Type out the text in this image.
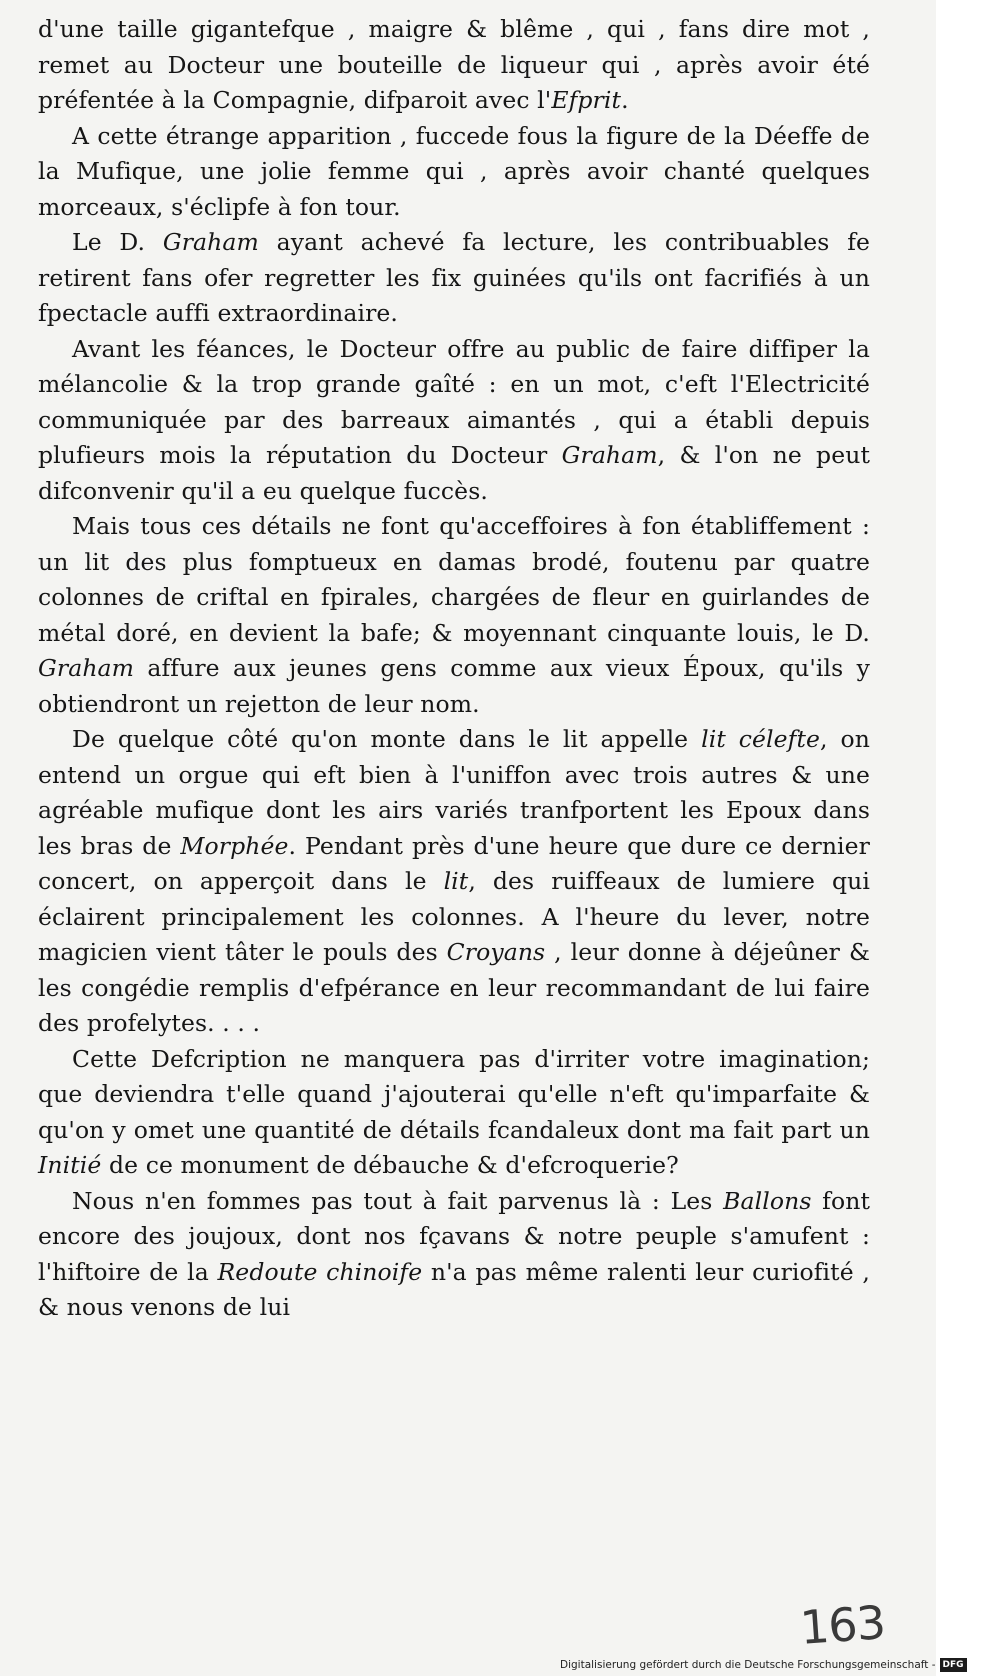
d'une taille gigantefque , maigre & blême , qui , fans dire mot , remet au Docteur une bouteille de liqueur qui , après avoir été préfentée à la Compagnie, difparoit avec l'Efprit.

A cette étrange apparition , fuccede fous la figure de la Déeffe de la Mufique, une jolie femme qui , après avoir chanté quelques morceaux, s'éclipfe à fon tour.

Le D. Graham ayant achevé fa lecture, les contribuables fe retirent fans ofer regretter les fix guinées qu'ils ont facrifiés à un fpectacle auffi extraordinaire.

Avant les féances, le Docteur offre au public de faire diffiper la mélancolie & la trop grande gaîté : en un mot, c'eft l'Electricité communiquée par des barreaux aimantés , qui a établi depuis plufieurs mois la réputation du Docteur Graham, & l'on ne peut difconvenir qu'il a eu quelque fuccès.

Mais tous ces détails ne font qu'acceffoires à fon établiffement : un lit des plus fomptueux en damas brodé, foutenu par quatre colonnes de criftal en fpirales, chargées de fleur en guirlandes de métal doré, en devient la bafe; & moyennant cinquante louis, le D. Graham affure aux jeunes gens comme aux vieux Époux, qu'ils y obtiendront un rejetton de leur nom.

De quelque côté qu'on monte dans le lit appelle lit célefte, on entend un orgue qui eft bien à l'uniffon avec trois autres & une agréable mufique dont les airs variés tranfportent les Epoux dans les bras de Morphée. Pendant près d'une heure que dure ce dernier concert, on apperçoit dans le lit, des ruiffeaux de lumiere qui éclairent principalement les colonnes. A l'heure du lever, notre magicien vient tâter le pouls des Croyans , leur donne à déjeûner & les congédie remplis d'efpérance en leur recommandant de lui faire des profelytes. . . .

Cette Defcription ne manquera pas d'irriter votre imagination; que deviendra t'elle quand j'ajouterai qu'elle n'eft qu'imparfaite & qu'on y omet une quantité de détails fcandaleux dont ma fait part un Initié de ce monument de débauche & d'efcroquerie?

Nous n'en fommes pas tout à fait parvenus là : Les Ballons font encore des joujoux, dont nos fçavans & notre peuple s'amufent : l'hiftoire de la Redoute chinoife n'a pas même ralenti leur curiofité , & nous venons de lui

163
Digitalisierung gefördert durch die Deutsche Forschungsgemeinschaft - DFG
